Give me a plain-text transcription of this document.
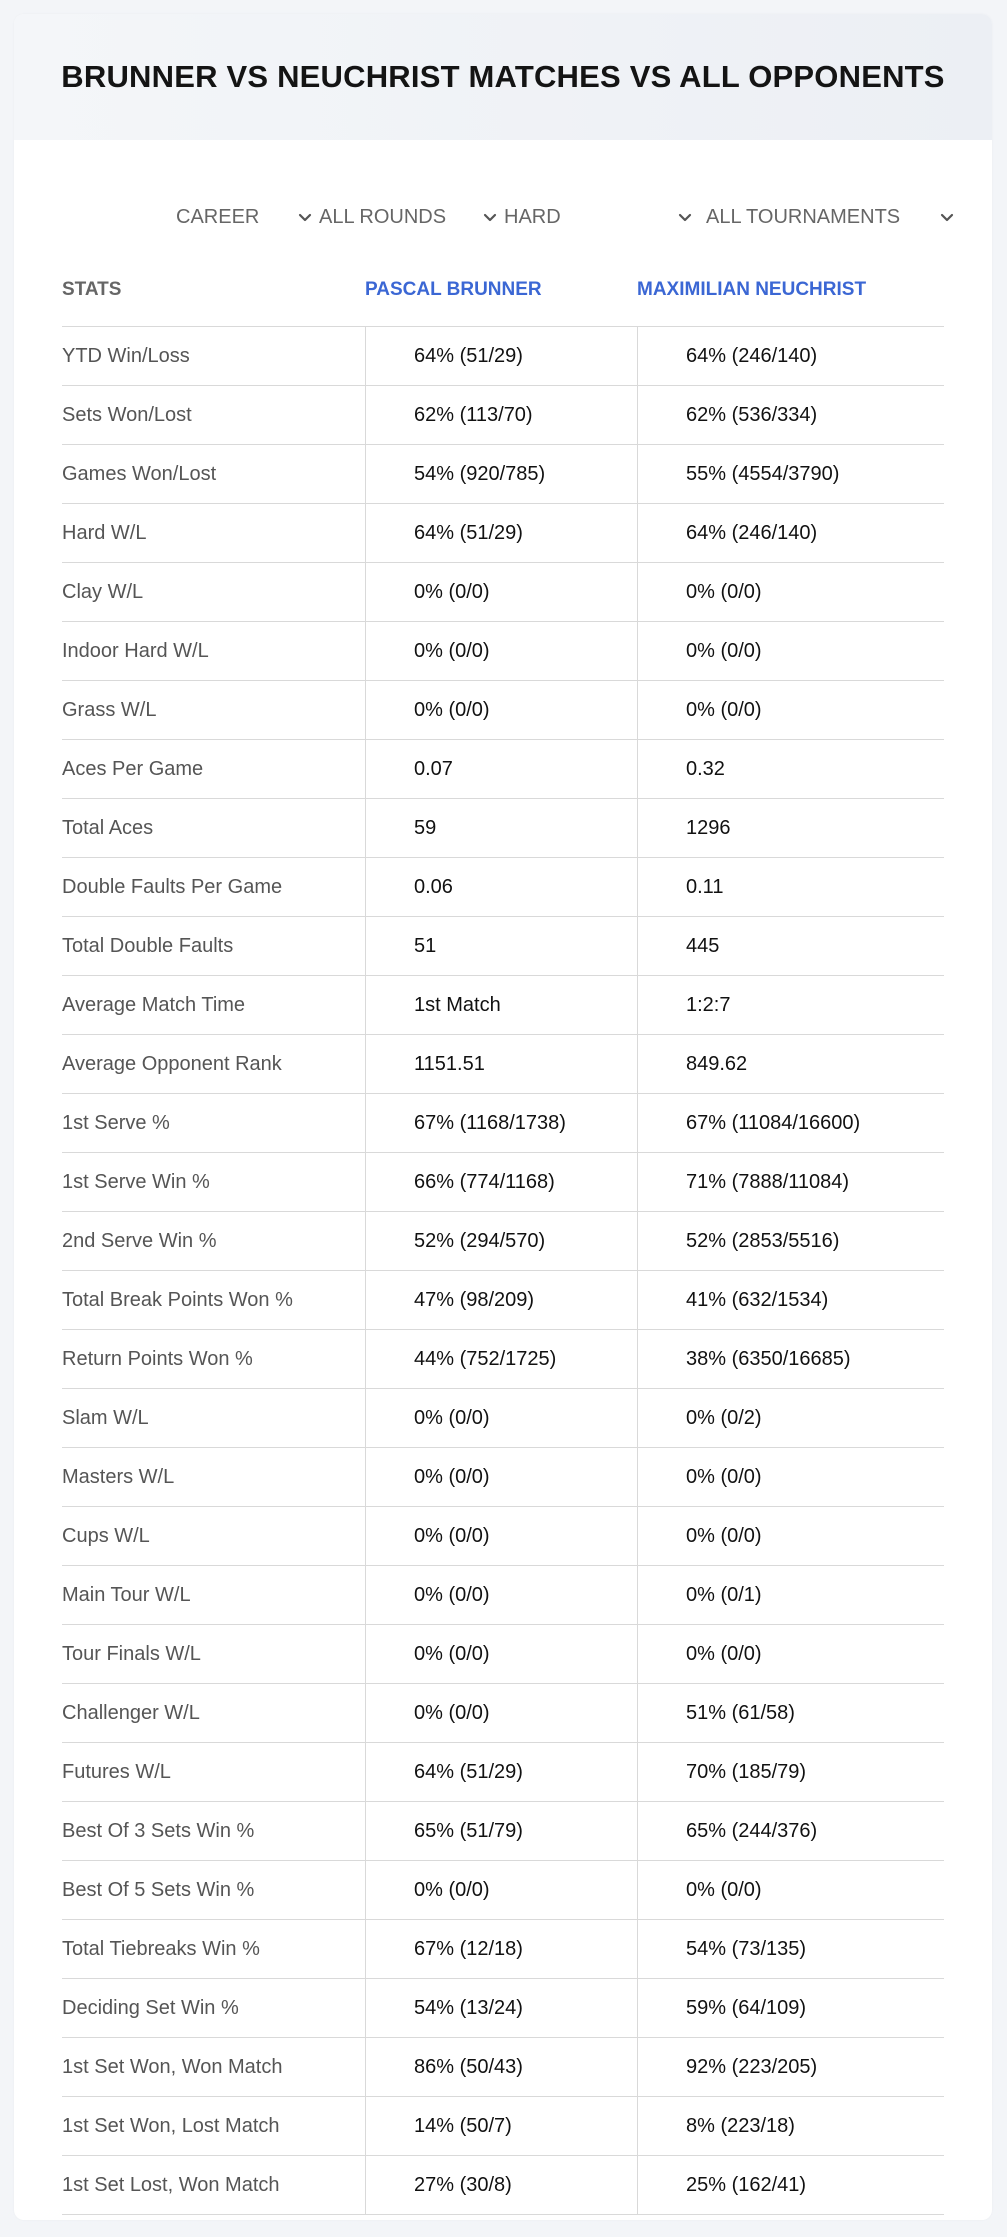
BRUNNER VS NEUCHRIST MATCHES VS ALL OPPONENTS
CAREER	ALL ROUNDS	HARD	ALL TOURNAMENTS
STATS	PASCAL BRUNNER	MAXIMILIAN NEUCHRIST
YTD Win/Loss	64% (51/29)	64% (246/140)
Sets Won/Lost	62% (113/70)	62% (536/334)
Games Won/Lost	54% (920/785)	55% (4554/3790)
Hard W/L	64% (51/29)	64% (246/140)
Clay W/L	0% (0/0)	0% (0/0)
Indoor Hard W/L	0% (0/0)	0% (0/0)
Grass W/L	0% (0/0)	0% (0/0)
Aces Per Game	0.07	0.32
Total Aces	59	1296
Double Faults Per Game	0.06	0.11
Total Double Faults	51	445
Average Match Time	1st Match	1:2:7
Average Opponent Rank	1151.51	849.62
1st Serve %	67% (1168/1738)	67% (11084/16600)
1st Serve Win %	66% (774/1168)	71% (7888/11084)
2nd Serve Win %	52% (294/570)	52% (2853/5516)
Total Break Points Won %	47% (98/209)	41% (632/1534)
Return Points Won %	44% (752/1725)	38% (6350/16685)
Slam W/L	0% (0/0)	0% (0/2)
Masters W/L	0% (0/0)	0% (0/0)
Cups W/L	0% (0/0)	0% (0/0)
Main Tour W/L	0% (0/0)	0% (0/1)
Tour Finals W/L	0% (0/0)	0% (0/0)
Challenger W/L	0% (0/0)	51% (61/58)
Futures W/L	64% (51/29)	70% (185/79)
Best Of 3 Sets Win %	65% (51/79)	65% (244/376)
Best Of 5 Sets Win %	0% (0/0)	0% (0/0)
Total Tiebreaks Win %	67% (12/18)	54% (73/135)
Deciding Set Win %	54% (13/24)	59% (64/109)
1st Set Won, Won Match	86% (50/43)	92% (223/205)
1st Set Won, Lost Match	14% (50/7)	8% (223/18)
1st Set Lost, Won Match	27% (30/8)	25% (162/41)
